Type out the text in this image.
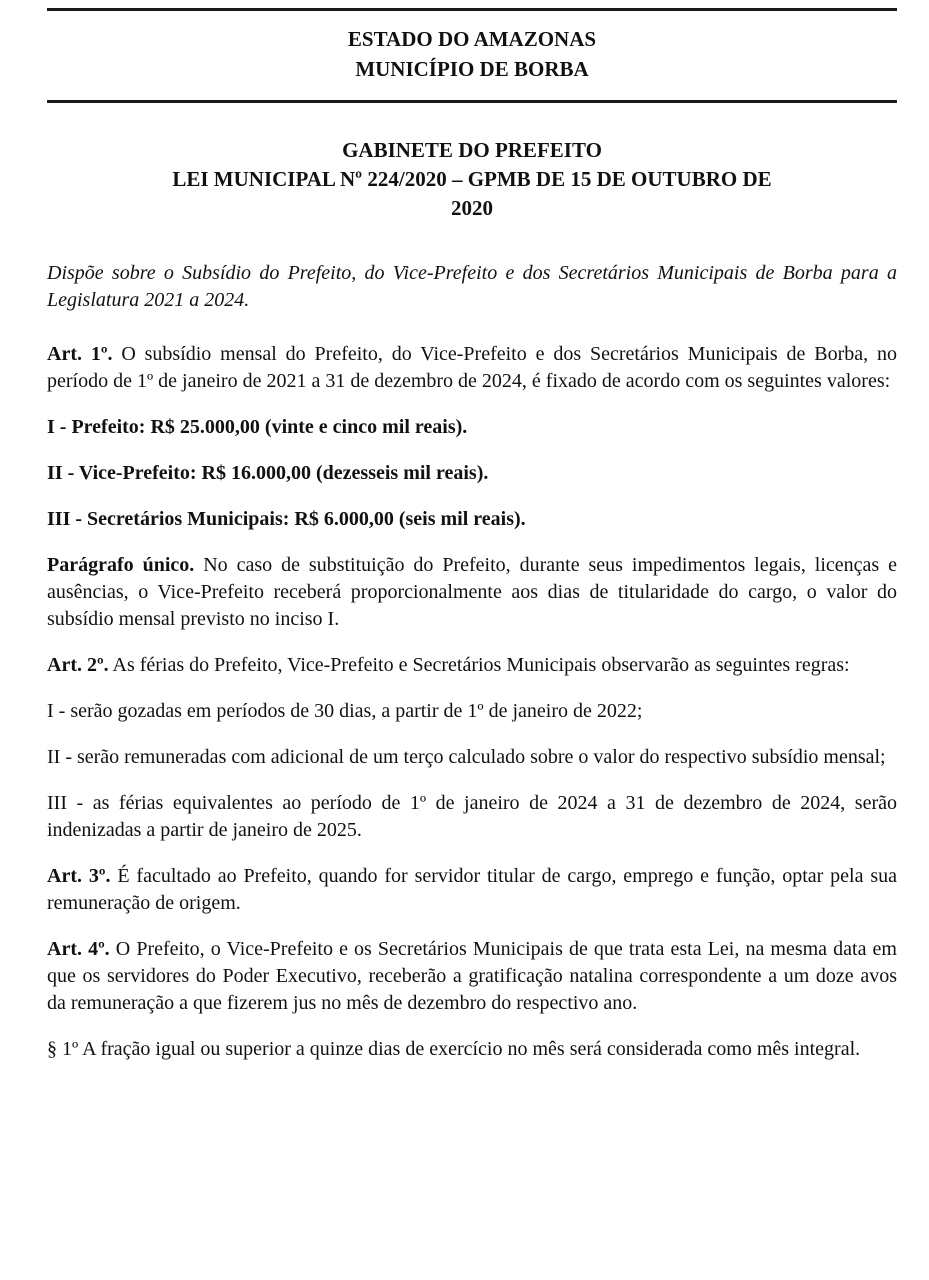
ESTADO DO AMAZONAS
MUNICÍPIO DE BORBA
GABINETE DO PREFEITO
LEI MUNICIPAL Nº 224/2020 – GPMB DE 15 DE OUTUBRO DE
2020

Dispõe sobre o Subsídio do Prefeito, do Vice-Prefeito e dos Secretários Municipais de Borba para a Legislatura 2021 a 2024.

Art. 1º. O subsídio mensal do Prefeito, do Vice-Prefeito e dos Secretários Municipais de Borba, no período de 1º de janeiro de 2021 a 31 de dezembro de 2024, é fixado de acordo com os seguintes valores:

I - Prefeito: R$ 25.000,00 (vinte e cinco mil reais).

II - Vice-Prefeito: R$ 16.000,00 (dezesseis mil reais).

III - Secretários Municipais: R$ 6.000,00 (seis mil reais).

Parágrafo único. No caso de substituição do Prefeito, durante seus impedimentos legais, licenças e ausências, o Vice-Prefeito receberá proporcionalmente aos dias de titularidade do cargo, o valor do subsídio mensal previsto no inciso I.

Art. 2º. As férias do Prefeito, Vice-Prefeito e Secretários Municipais observarão as seguintes regras:

I - serão gozadas em períodos de 30 dias, a partir de 1º de janeiro de 2022;

II - serão remuneradas com adicional de um terço calculado sobre o valor do respectivo subsídio mensal;

III - as férias equivalentes ao período de 1º de janeiro de 2024 a 31 de dezembro de 2024, serão indenizadas a partir de janeiro de 2025.

Art. 3º. É facultado ao Prefeito, quando for servidor titular de cargo, emprego e função, optar pela sua remuneração de origem.

Art. 4º. O Prefeito, o Vice-Prefeito e os Secretários Municipais de que trata esta Lei, na mesma data em que os servidores do Poder Executivo, receberão a gratificação natalina correspondente a um doze avos da remuneração a que fizerem jus no mês de dezembro do respectivo ano.

§ 1º A fração igual ou superior a quinze dias de exercício no mês será considerada como mês integral.
